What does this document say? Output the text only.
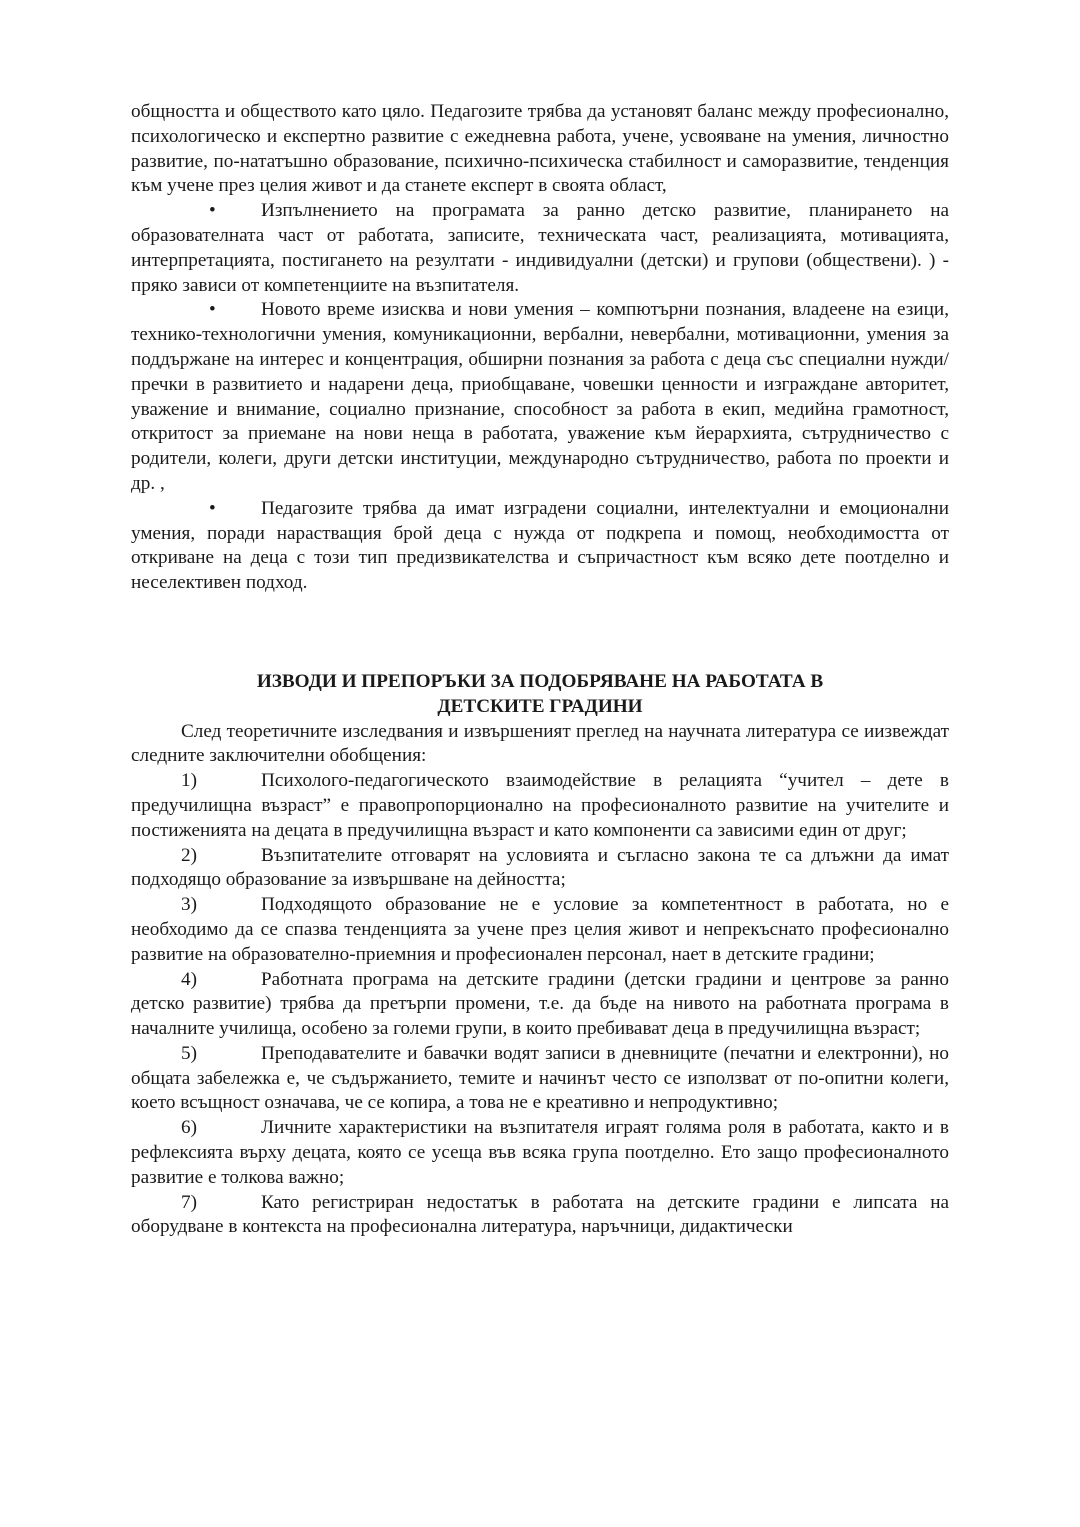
общността и обществото като цяло. Педагозите трябва да установят баланс между професионално, психологическо и експертно развитие с ежедневна работа, учене, усвояване на умения, личностно развитие, по-нататъшно образование, психично-психическа стабилност и саморазвитие, тенденция към учене през целия живот и да станете експерт в своята област,

• Изпълнението на програмата за ранно детско развитие, планирането на образователната част от работата, записите, техническата част, реализацията, мотивацията, интерпретацията, постигането на резултати - индивидуални (детски) и групови (обществени). ) - пряко зависи от компетенциите на възпитателя.

• Новото време изисква и нови умения – компютърни познания, владеене на езици, технико-технологични умения, комуникационни, вербални, невербални, мотивационни, умения за поддържане на интерес и концентрация, обширни познания за работа с деца със специални нужди/пречки в развитието и надарени деца, приобщаване, човешки ценности и изграждане авторитет, уважение и внимание, социално признание, способност за работа в екип, медийна грамотност, откритост за приемане на нови неща в работата, уважение към йерархията, сътрудничество с родители, колеги, други детски институции, международно сътрудничество, работа по проекти и др. ,

• Педагозите трябва да имат изградени социални, интелектуални и емоционални умения, поради нарастващия брой деца с нужда от подкрепа и помощ, необходимостта от откриване на деца с този тип предизвикателства и съпричастност към всяко дете поотделно и неселективен подход.

ИЗВОДИ И ПРЕПОРЪКИ ЗА ПОДОБРЯВАНЕ НА РАБОТАТА В
ДЕТСКИТЕ ГРАДИНИ

След теоретичните изследвания и извършеният преглед на научната литература се иизвеждат следните заключителни обобщения:

1)	Психолого-педагогическото взаимодействие в релацията “учител – дете в предучилищна възраст” е правопропорционално на професионалното развитие на учителите и постиженията на децата в предучилищна възраст и като компоненти са зависими един от друг;

2)	Възпитателите отговарят на условията и съгласно закона те са длъжни да имат подходящо образование за извършване на дейността;

3)	Подходящото образование не е условие за компетентност в работата, но е необходимо да се спазва тенденцията за учене през целия живот и непрекъснато професионално развитие на образователно-приемния и професионален персонал, нает в детските градини;

4)	Работната програма на детските градини (детски градини и центрове за ранно детско развитие) трябва да претърпи промени, т.е. да бъде на нивото на работната програма в началните училища, особено за големи групи, в които пребивават деца в предучилищна възраст;

5)	Преподавателите и бавачки водят записи в дневниците (печатни и електронни), но общата забележка е, че съдържанието, темите и начинът често се използват от по-опитни колеги, което всъщност означава, че се копира, а това не е креативно и непродуктивно;

6)	Личните характеристики на възпитателя играят голяма роля в работата, както и в рефлексията върху децата, която се усеща във всяка група поотделно. Ето защо професионалното развитие е толкова важно;

7)	Като регистриран недостатък в работата на детските градини е липсата на оборудване в контекста на професионална литература, наръчници, дидактически
